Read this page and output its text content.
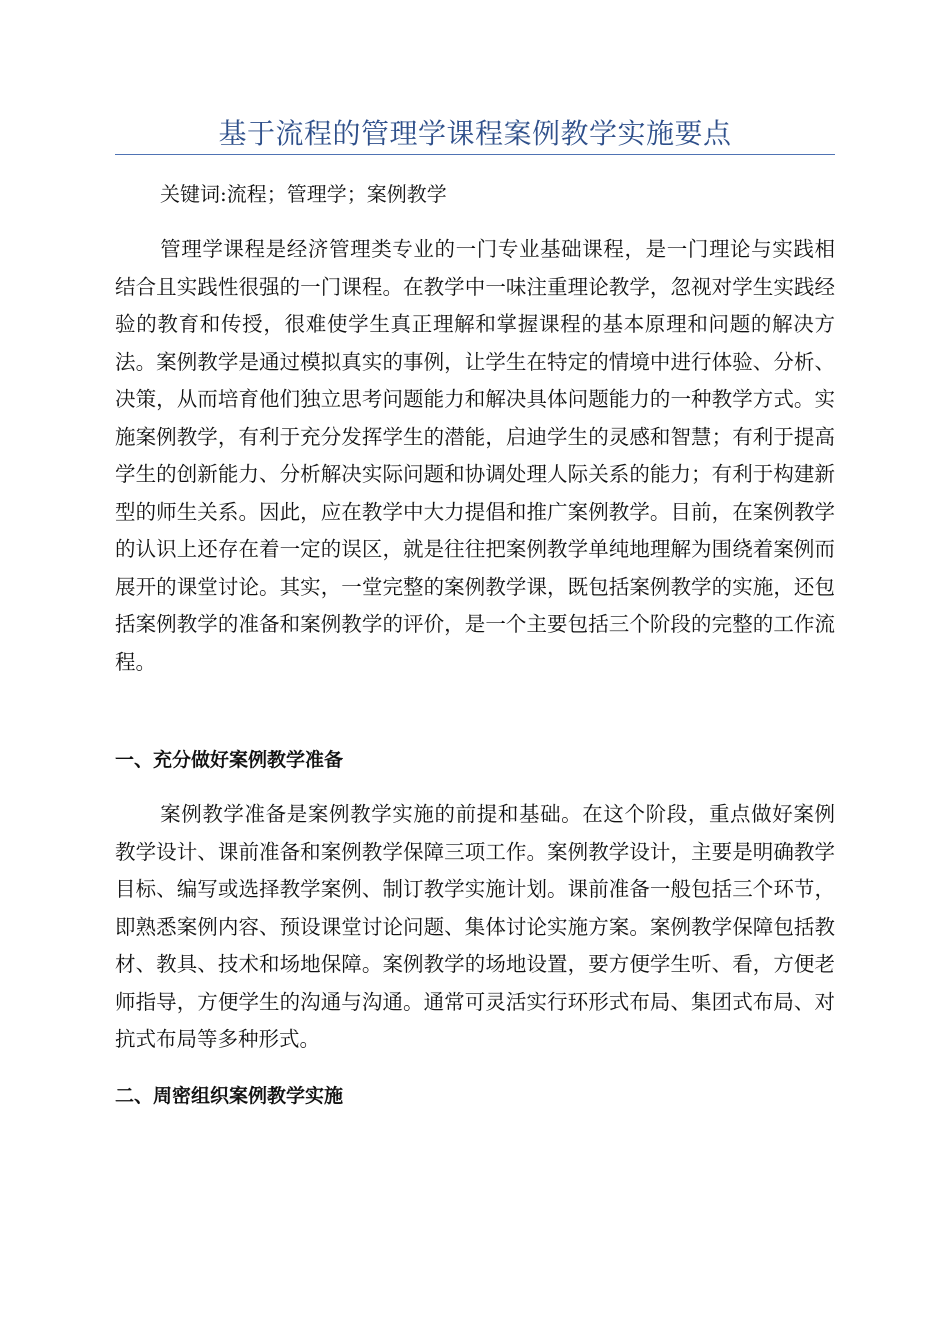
基于流程的管理学课程案例教学实施要点
关键词:流程；管理学；案例教学

管理学课程是经济管理类专业的一门专业基础课程，是一门理论与实践相结合且实践性很强的一门课程。在教学中一味注重理论教学，忽视对学生实践经验的教育和传授，很难使学生真正理解和掌握课程的基本原理和问题的解决方法。案例教学是通过模拟真实的事例，让学生在特定的情境中进行体验、分析、决策，从而培育他们独立思考问题能力和解决具体问题能力的一种教学方式。实施案例教学，有利于充分发挥学生的潜能，启迪学生的灵感和智慧；有利于提高学生的创新能力、分析解决实际问题和协调处理人际关系的能力；有利于构建新型的师生关系。因此，应在教学中大力提倡和推广案例教学。目前，在案例教学的认识上还存在着一定的误区，就是往往把案例教学单纯地理解为围绕着案例而展开的课堂讨论。其实，一堂完整的案例教学课，既包括案例教学的实施，还包括案例教学的准备和案例教学的评价，是一个主要包括三个阶段的完整的工作流程。

一、充分做好案例教学准备

案例教学准备是案例教学实施的前提和基础。在这个阶段，重点做好案例教学设计、课前准备和案例教学保障三项工作。案例教学设计，主要是明确教学目标、编写或选择教学案例、制订教学实施计划。课前准备一般包括三个环节，即熟悉案例内容、预设课堂讨论问题、集体讨论实施方案。案例教学保障包括教材、教具、技术和场地保障。案例教学的场地设置，要方便学生听、看，方便老师指导，方便学生的沟通与沟通。通常可灵活实行环形式布局、集团式布局、对抗式布局等多种形式。

二、周密组织案例教学实施
